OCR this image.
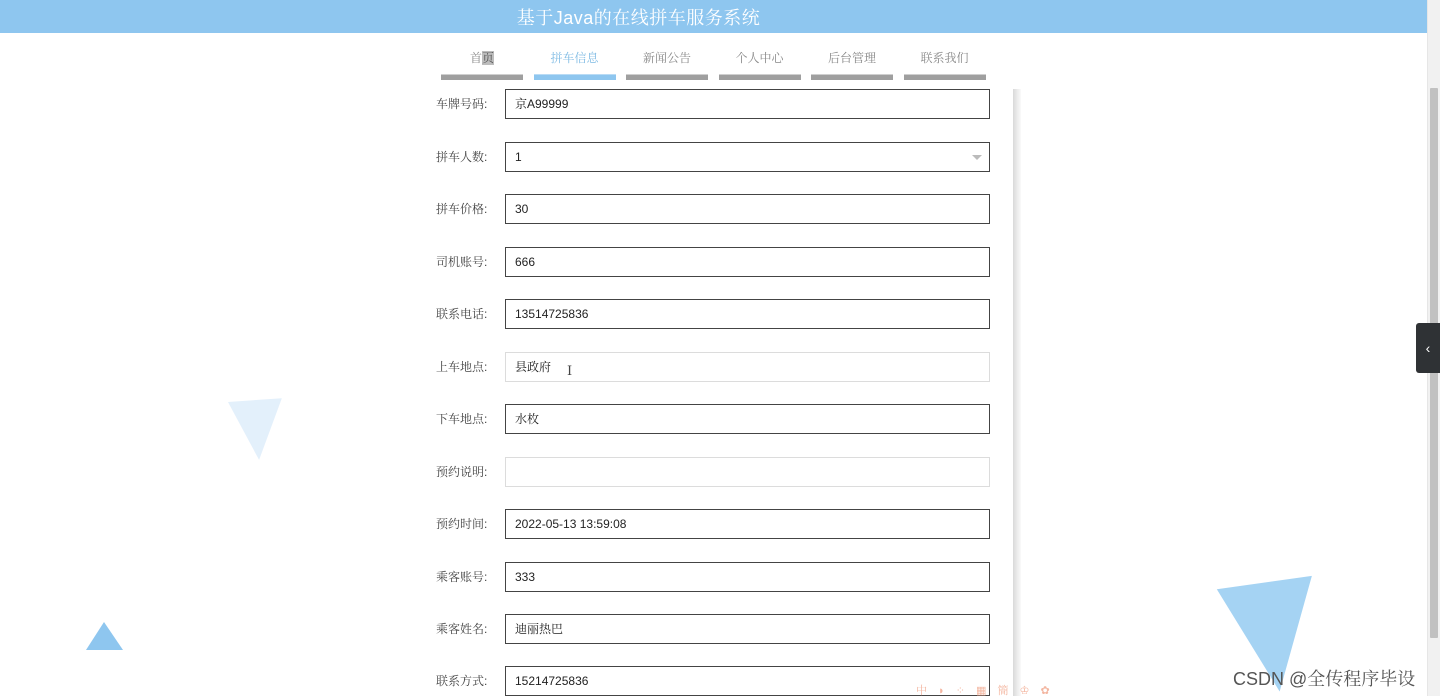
基于Java的在线拼车服务系统
首页	拼车信息	新闻公告	个人中心	后台管理	联系我们
车牌号码:	京A99999
拼车人数:	1
拼车价格:	30
司机账号:	666
联系电话:	13514725836
上车地点:	县政府 I
下车地点:	水枚
预约说明:
预约时间:	2022-05-13 13:59:08
乘客账号:	333
乘客姓名:	迪丽热巴
联系方式:	15214725836
中 ◗ ⁘ ▦ 簡 ♔ ✿
‹
CSDN @全传程序毕设
